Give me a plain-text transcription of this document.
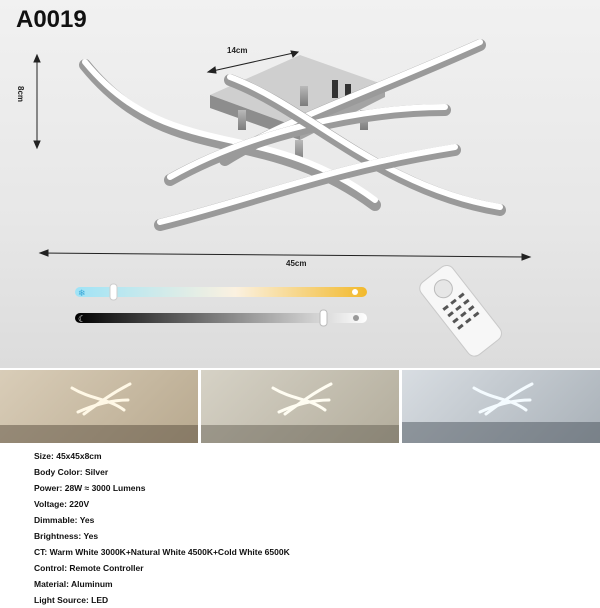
A0019
❄
☾
14cm
8cm
45cm
Size: 45x45x8cm
Body Color: Silver
Power: 28W ≈ 3000 Lumens
Voltage: 220V
Dimmable: Yes
Brightness: Yes
CT: Warm White 3000K+Natural White 4500K+Cold White 6500K
Control: Remote Controller
Material: Aluminum
Light Source: LED
